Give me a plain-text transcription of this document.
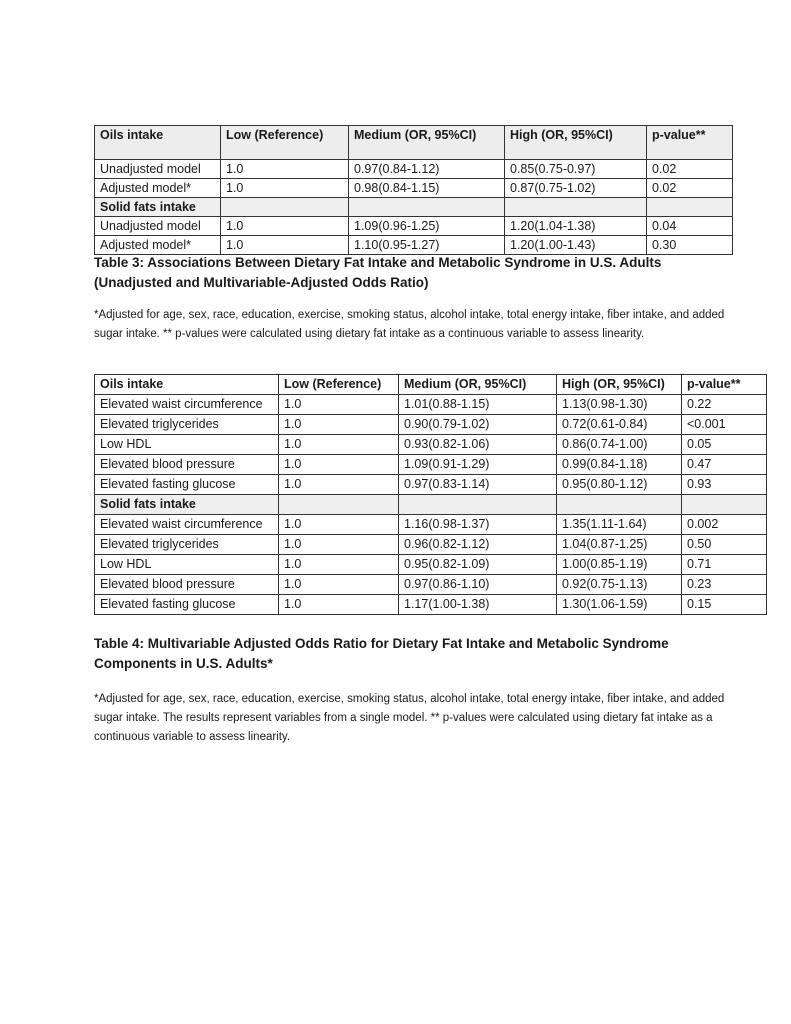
Oils intake	Low (Reference)	Medium (OR, 95%CI)	High (OR, 95%CI)	p-value**
Unadjusted model	1.0	0.97(0.84-1.12)	0.85(0.75-0.97)	0.02
Adjusted model*	1.0	0.98(0.84-1.15)	0.87(0.75-1.02)	0.02
Solid fats intake				
Unadjusted model	1.0	1.09(0.96-1.25)	1.20(1.04-1.38)	0.04
Adjusted model*	1.0	1.10(0.95-1.27)	1.20(1.00-1.43)	0.30
Table 3: Associations Between Dietary Fat Intake and Metabolic Syndrome in U.S. Adults (Unadjusted and Multivariable-Adjusted Odds Ratio)
*Adjusted for age, sex, race, education, exercise, smoking status, alcohol intake, total energy intake, fiber intake, and added sugar intake. ** p-values were calculated using dietary fat intake as a continuous variable to assess linearity.
Oils intake	Low (Reference)	Medium (OR, 95%CI)	High (OR, 95%CI)	p-value**
Elevated waist circumference	1.0	1.01(0.88-1.15)	1.13(0.98-1.30)	0.22
Elevated triglycerides	1.0	0.90(0.79-1.02)	0.72(0.61-0.84)	<0.001
Low HDL	1.0	0.93(0.82-1.06)	0.86(0.74-1.00)	0.05
Elevated blood pressure	1.0	1.09(0.91-1.29)	0.99(0.84-1.18)	0.47
Elevated fasting glucose	1.0	0.97(0.83-1.14)	0.95(0.80-1.12)	0.93
Solid fats intake				
Elevated waist circumference	1.0	1.16(0.98-1.37)	1.35(1.11-1.64)	0.002
Elevated triglycerides	1.0	0.96(0.82-1.12)	1.04(0.87-1.25)	0.50
Low HDL	1.0	0.95(0.82-1.09)	1.00(0.85-1.19)	0.71
Elevated blood pressure	1.0	0.97(0.86-1.10)	0.92(0.75-1.13)	0.23
Elevated fasting glucose	1.0	1.17(1.00-1.38)	1.30(1.06-1.59)	0.15
Table 4: Multivariable Adjusted Odds Ratio for Dietary Fat Intake and Metabolic Syndrome Components in U.S. Adults*
*Adjusted for age, sex, race, education, exercise, smoking status, alcohol intake, total energy intake, fiber intake, and added sugar intake. The results represent variables from a single model. ** p-values were calculated using dietary fat intake as a continuous variable to assess linearity.
